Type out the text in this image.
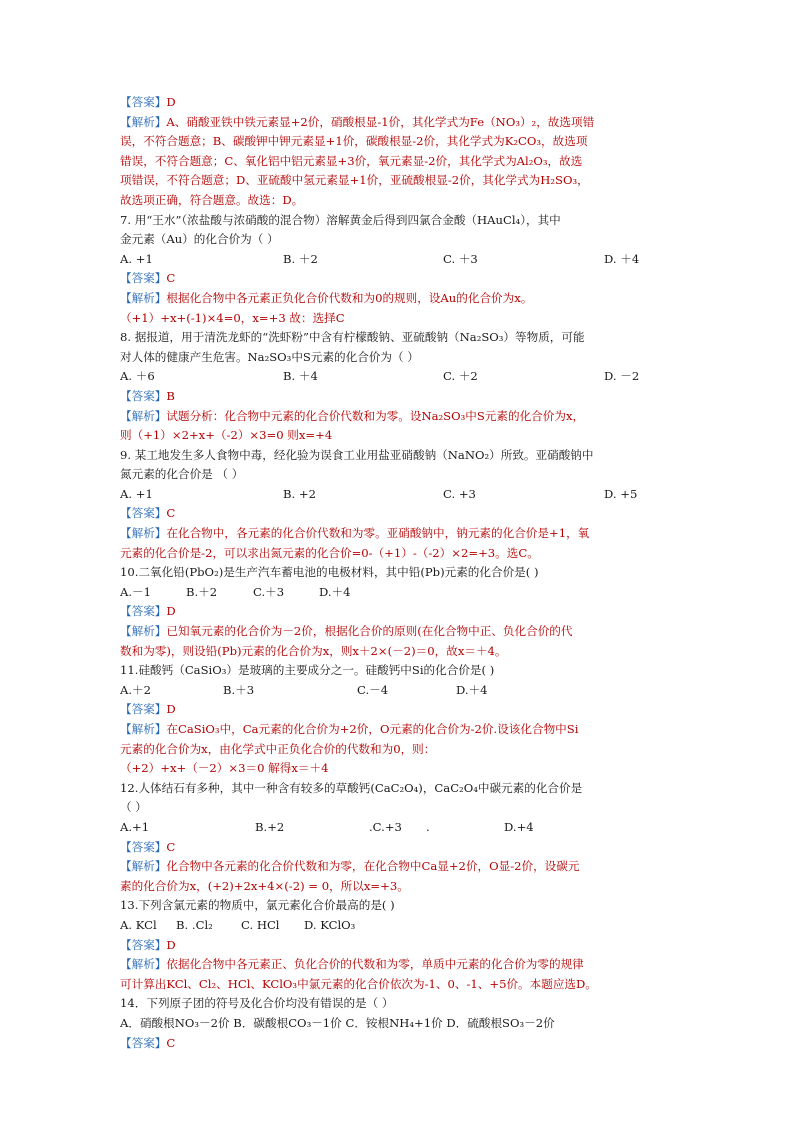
【答案】D
【解析】A、硝酸亚铁中铁元素显+2价，硝酸根显-1价，其化学式为Fe（NO₃）₂，故选项错
误，不符合题意；B、碳酸钾中钾元素显+1价，碳酸根显-2价，其化学式为K₂CO₃，故选项
错误，不符合题意；C、氧化铝中铝元素显+3价，氧元素显-2价，其化学式为Al₂O₃，故选
项错误，不符合题意；D、亚硫酸中氢元素显+1价，亚硫酸根显-2价，其化学式为H₂SO₃，
故选项正确，符合题意。故选：D。
7. 用“王水”（浓盐酸与浓硝酸的混合物）溶解黄金后得到四氯合金酸（HAuCl₄），其中
金元素（Au）的化合价为（ ）
A. +1	B. ＋2	C. ＋3	D. ＋4
【答案】C
【解析】根据化合物中各元素正负化合价代数和为0的规则，设Au的化合价为x。
（+1）+x+(-1)×4=0，x=+3 故：选择C
8. 据报道，用于清洗龙虾的“洗虾粉”中含有柠檬酸钠、亚硫酸钠（Na₂SO₃）等物质，可能
对人体的健康产生危害。Na₂SO₃中S元素的化合价为（ ）
A. ＋6	B. ＋4	C. ＋2	D. －2
【答案】B
【解析】试题分析：化合物中元素的化合价代数和为零。设Na₂SO₃中S元素的化合价为x，
则（+1）×2+x+（-2）×3=0 则x=+4
9. 某工地发生多人食物中毒，经化验为误食工业用盐亚硝酸钠（NaNO₂）所致。亚硝酸钠中
氮元素的化合价是 （ ）
A. +1	B. +2	C. +3	D. +5
【答案】C
【解析】在化合物中，各元素的化合价代数和为零。亚硝酸钠中，钠元素的化合价是+1，氧
元素的化合价是-2，可以求出氮元素的化合价=0-（+1）-（-2）×2=+3。选C。
10.二氧化铅(PbO₂)是生产汽车蓄电池的电极材料，其中铅(Pb)元素的化合价是( )
A.－1	B.＋2	C.＋3	D.＋4
【答案】D
【解析】已知氧元素的化合价为－2价，根据化合价的原则(在化合物中正、负化合价的代
数和为零)，则设铅(Pb)元素的化合价为x，则x＋2×(－2)＝0，故x＝＋4。
11.硅酸钙（CaSiO₃）是玻璃的主要成分之一。硅酸钙中Si的化合价是( )
A.＋2	B.＋3	C.－4	D.＋4
【答案】D
【解析】在CaSiO₃中，Ca元素的化合价为+2价，O元素的化合价为-2价.设该化合物中Si
元素的化合价为x，由化学式中正负化合价的代数和为0，则：
（+2）+x+（－2）×3＝0 解得x＝＋4
12.人体结石有多种，其中一种含有较多的草酸钙(CaC₂O₄)，CaC₂O₄中碳元素的化合价是
（ ）
A.+1	B.+2	.C.+3 .	D.+4
【答案】C
【解析】化合物中各元素的化合价代数和为零，在化合物中Ca显+2价，O显-2价，设碳元
素的化合价为x，(+2)+2x+4×(-2) = 0，所以x=+3。
13.下列含氯元素的物质中，氯元素化合价最高的是( )
A. KCl B. .Cl₂ C. HCl D. KClO₃
【答案】D
【解析】依据化合物中各元素正、负化合价的代数和为零，单质中元素的化合价为零的规律
可计算出KCl、Cl₂、HCl、KClO₃中氯元素的化合价依次为-1、0、-1、+5价。本题应选D。
14．下列原子团的符号及化合价均没有错误的是（ ）
A．硝酸根NO₃－2价 B．碳酸根CO₃－1价 C．铵根NH₄+1价 D．硫酸根SO₃－2价
【答案】C
